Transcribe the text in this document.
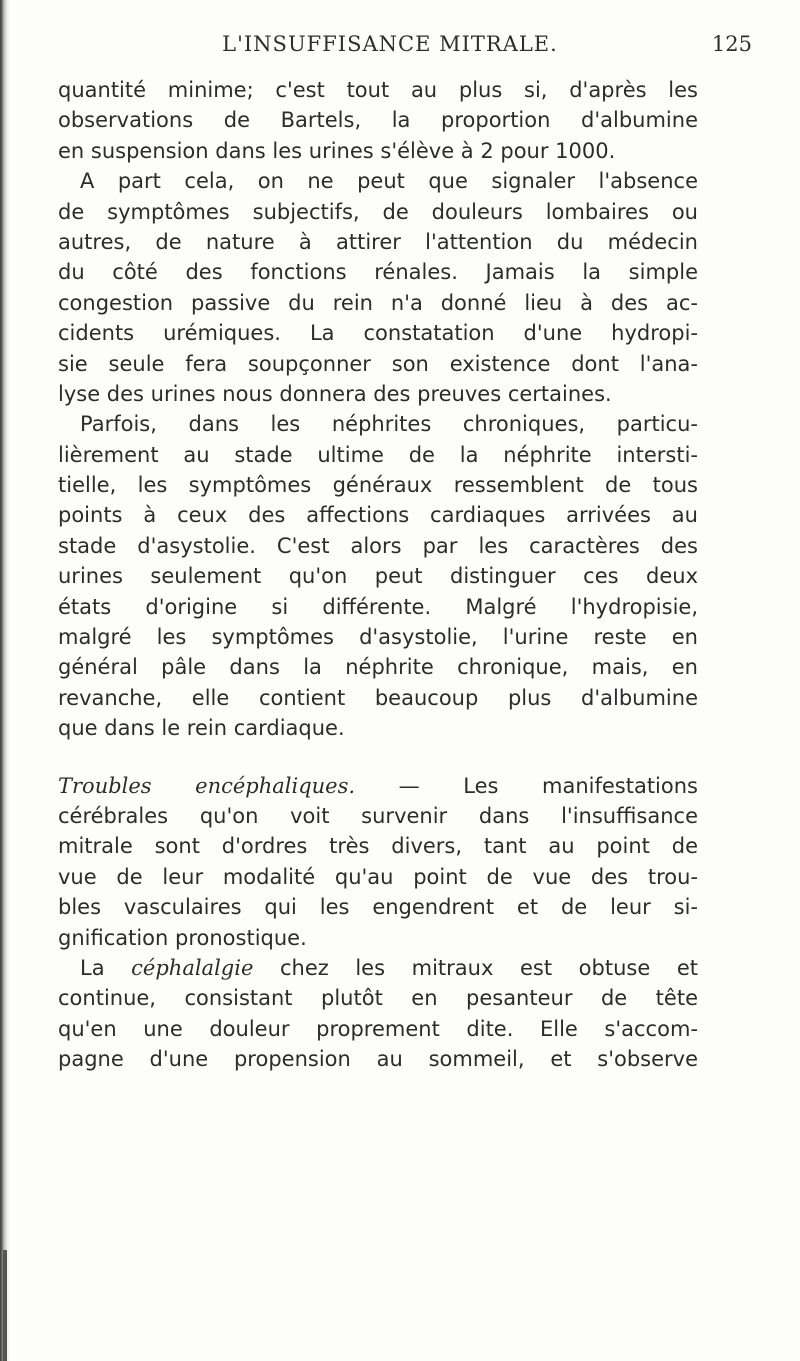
L'INSUFFISANCE MITRALE.	125
quantité minime; c'est tout au plus si, d'après les
observations de Bartels, la proportion d'albumine
en suspension dans les urines s'élève à 2 pour 1000.
A part cela, on ne peut que signaler l'absence
de symptômes subjectifs, de douleurs lombaires ou
autres, de nature à attirer l'attention du médecin
du côté des fonctions rénales. Jamais la simple
congestion passive du rein n'a donné lieu à des ac-
cidents urémiques. La constatation d'une hydropi-
sie seule fera soupçonner son existence dont l'ana-
lyse des urines nous donnera des preuves certaines.
Parfois, dans les néphrites chroniques, particu-
lièrement au stade ultime de la néphrite intersti-
tielle, les symptômes généraux ressemblent de tous
points à ceux des affections cardiaques arrivées au
stade d'asystolie. C'est alors par les caractères des
urines seulement qu'on peut distinguer ces deux
états d'origine si différente. Malgré l'hydropisie,
malgré les symptômes d'asystolie, l'urine reste en
général pâle dans la néphrite chronique, mais, en
revanche, elle contient beaucoup plus d'albumine
que dans le rein cardiaque.
Troubles encéphaliques. — Les manifestations
cérébrales qu'on voit survenir dans l'insuffisance
mitrale sont d'ordres très divers, tant au point de
vue de leur modalité qu'au point de vue des trou-
bles vasculaires qui les engendrent et de leur si-
gnification pronostique.
La céphalalgie chez les mitraux est obtuse et
continue, consistant plutôt en pesanteur de tête
qu'en une douleur proprement dite. Elle s'accom-
pagne d'une propension au sommeil, et s'observe
